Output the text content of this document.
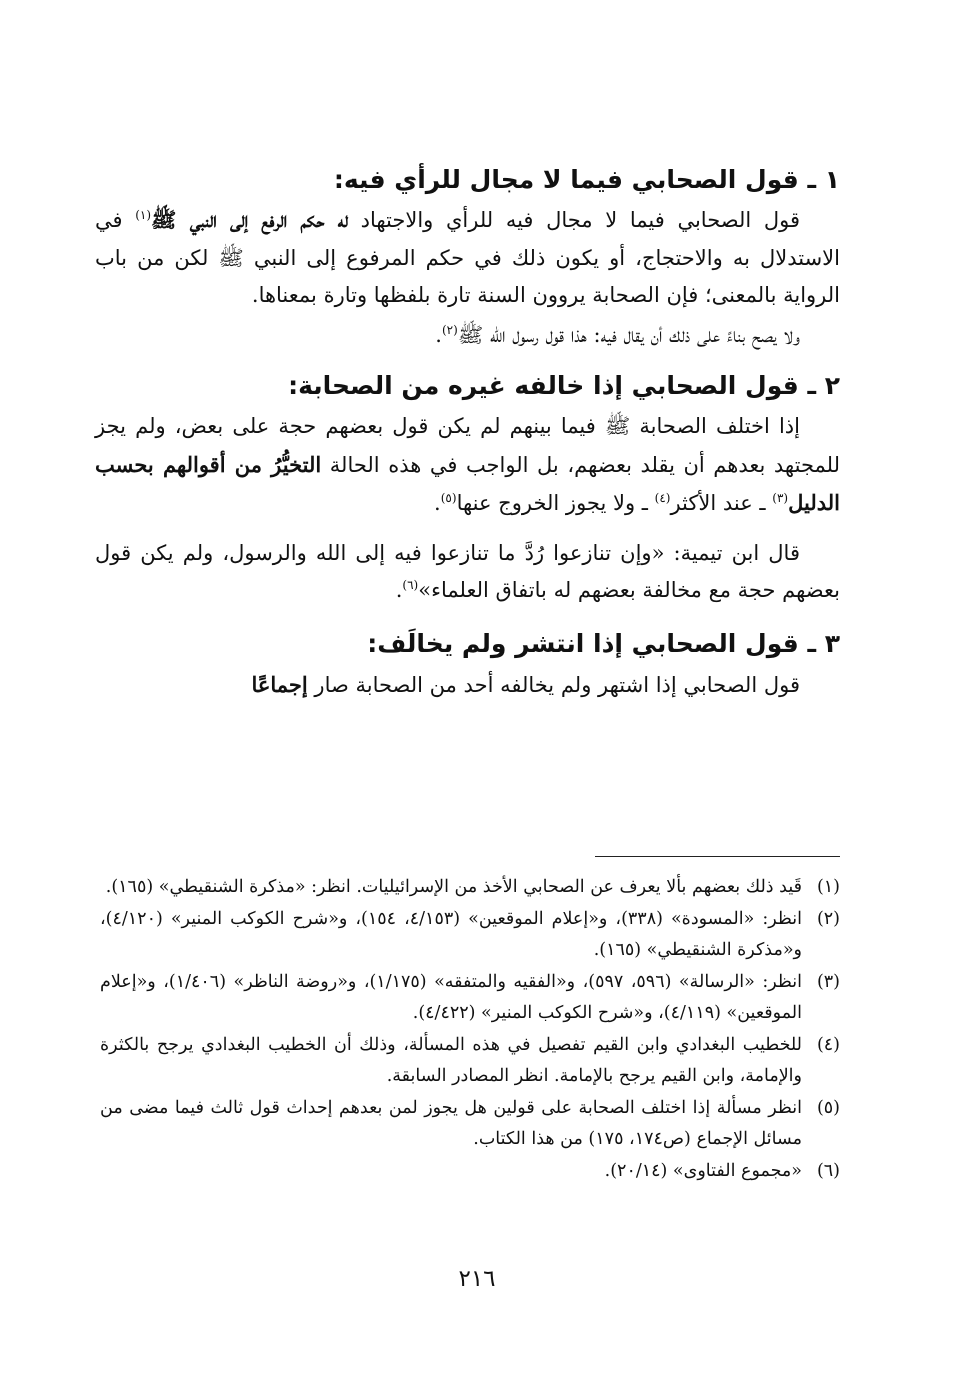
١ ـ قول الصحابي فيما لا مجال للرأي فيه:

قول الصحابي فيما لا مجال فيه للرأي والاجتهاد له حكم الرفع إلى النبي ﷺ$^{(١)}$ في الاستدلال به والاحتجاج، أو يكون ذلك في حكم المرفوع إلى النبي ﷺ لكن من باب الرواية بالمعنى؛ فإن الصحابة يروون السنة تارة بلفظها وتارة بمعناها.

ولا يصح بناءً على ذلك أن يقال فيه: هذا قول رسول الله ﷺ$^{(٢)}$.

٢ ـ قول الصحابي إذا خالفه غيره من الصحابة:

إذا اختلف الصحابة ﷺ فيما بينهم لم يكن قول بعضهم حجة على بعض، ولم يجز للمجتهد بعدهم أن يقلد بعضهم، بل الواجب في هذه الحالة التخيُّرُ من أقوالهم بحسب الدليل$^{(٣)}$ ـ عند الأكثر$^{(٤)}$ ـ ولا يجوز الخروج عنها$^{(٥)}$.

قال ابن تيمية: «وإن تنازعوا رُدَّ ما تنازعوا فيه إلى الله والرسول، ولم يكن قول بعضهم حجة مع مخالفة بعضهم له باتفاق العلماء»$^{(٦)}$.

٣ ـ قول الصحابي إذا انتشر ولم يخالَف:

قول الصحابي إذا اشتهر ولم يخالفه أحد من الصحابة صار إجماعًا

(١)
قَيد ذلك بعضهم بألا يعرف عن الصحابي الأخذ من الإسرائيليات. انظر: «مذكرة الشنقيطي» (١٦٥).
(٢)
انظر: «المسودة» (٣٣٨)، و«إعلام الموقعين» (٤/١٥٣، ١٥٤)، و«شرح الكوكب المنير» (٤/١٢٠)، و«مذكرة الشنقيطي» (١٦٥).
(٣)
انظر: «الرسالة» (٥٩٦، ٥٩٧)، و«الفقيه والمتفقه» (١/١٧٥)، و«روضة الناظر» (١/٤٠٦)، و«إعلام الموقعين» (٤/١١٩)، و«شرح الكوكب المنير» (٤/٤٢٢).
(٤)
للخطيب البغدادي وابن القيم تفصيل في هذه المسألة، وذلك أن الخطيب البغدادي يرجح بالكثرة والإمامة، وابن القيم يرجح بالإمامة. انظر المصادر السابقة.
(٥)
انظر مسألة إذا اختلف الصحابة على قولين هل يجوز لمن بعدهم إحداث قول ثالث فيما مضى من مسائل الإجماع (ص١٧٤، ١٧٥) من هذا الكتاب.
(٦)
«مجموع الفتاوى» (٢٠/١٤).
٢١٦
